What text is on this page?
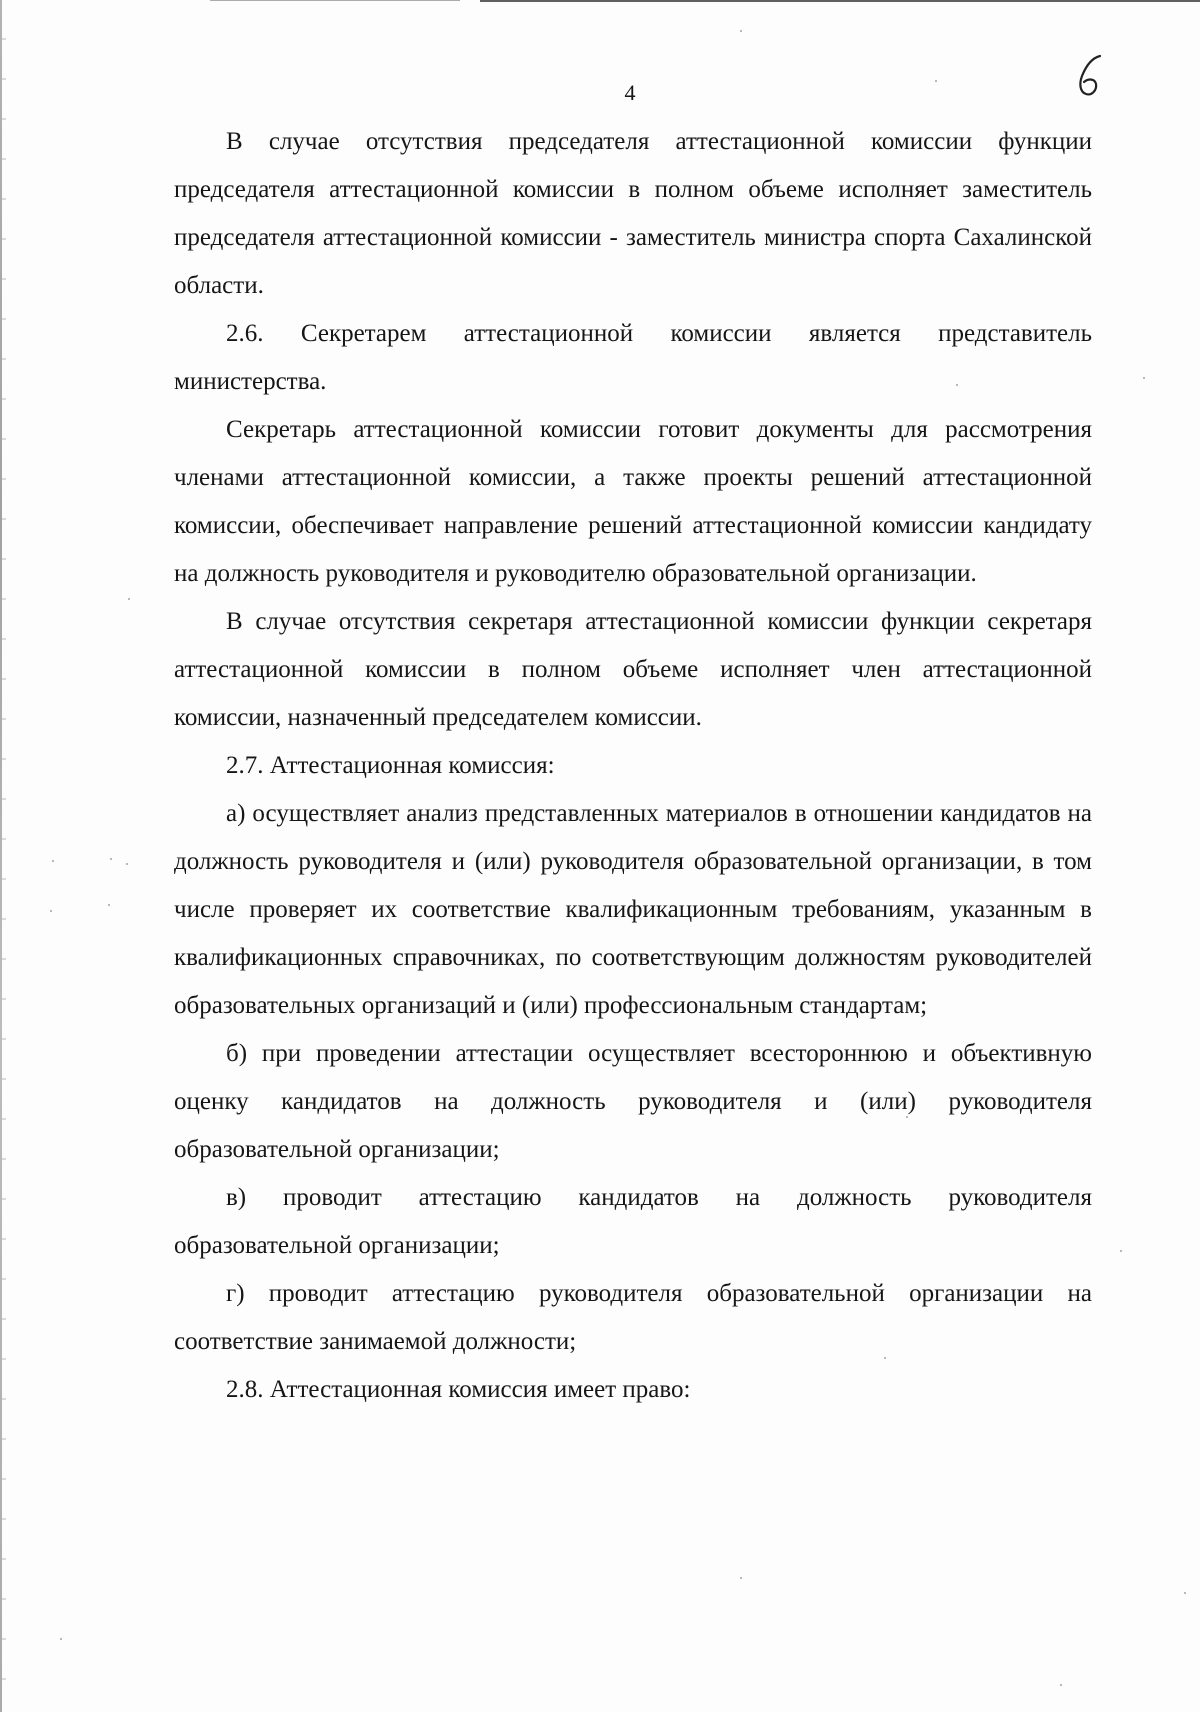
4

В случае отсутствия председателя аттестационной комиссии функции председателя аттестационной комиссии в полном объеме исполняет заместитель председателя аттестационной комиссии - заместитель министра спорта Сахалинской области.

2.6. Секретарем аттестационной комиссии является представитель министерства.

Секретарь аттестационной комиссии готовит документы для рассмотрения членами аттестационной комиссии, а также проекты решений аттестационной комиссии, обеспечивает направление решений аттестационной комиссии кандидату на должность руководителя и руководителю образовательной организации.

В случае отсутствия секретаря аттестационной комиссии функции секретаря аттестационной комиссии в полном объеме исполняет член аттестационной комиссии, назначенный председателем комиссии.

2.7. Аттестационная комиссия:

а) осуществляет анализ представленных материалов в отношении кандидатов на должность руководителя и (или) руководителя образовательной организации, в том числе проверяет их соответствие квалификационным требованиям, указанным в квалификационных справочниках, по соответствующим должностям руководителей образовательных организаций и (или) профессиональным стандартам;

б) при проведении аттестации осуществляет всестороннюю и объективную оценку кандидатов на должность руководителя и (или) руководителя образовательной организации;

в) проводит аттестацию кандидатов на должность руководителя образовательной организации;

г) проводит аттестацию руководителя образовательной организации на соответствие занимаемой должности;

2.8. Аттестационная комиссия имеет право:
